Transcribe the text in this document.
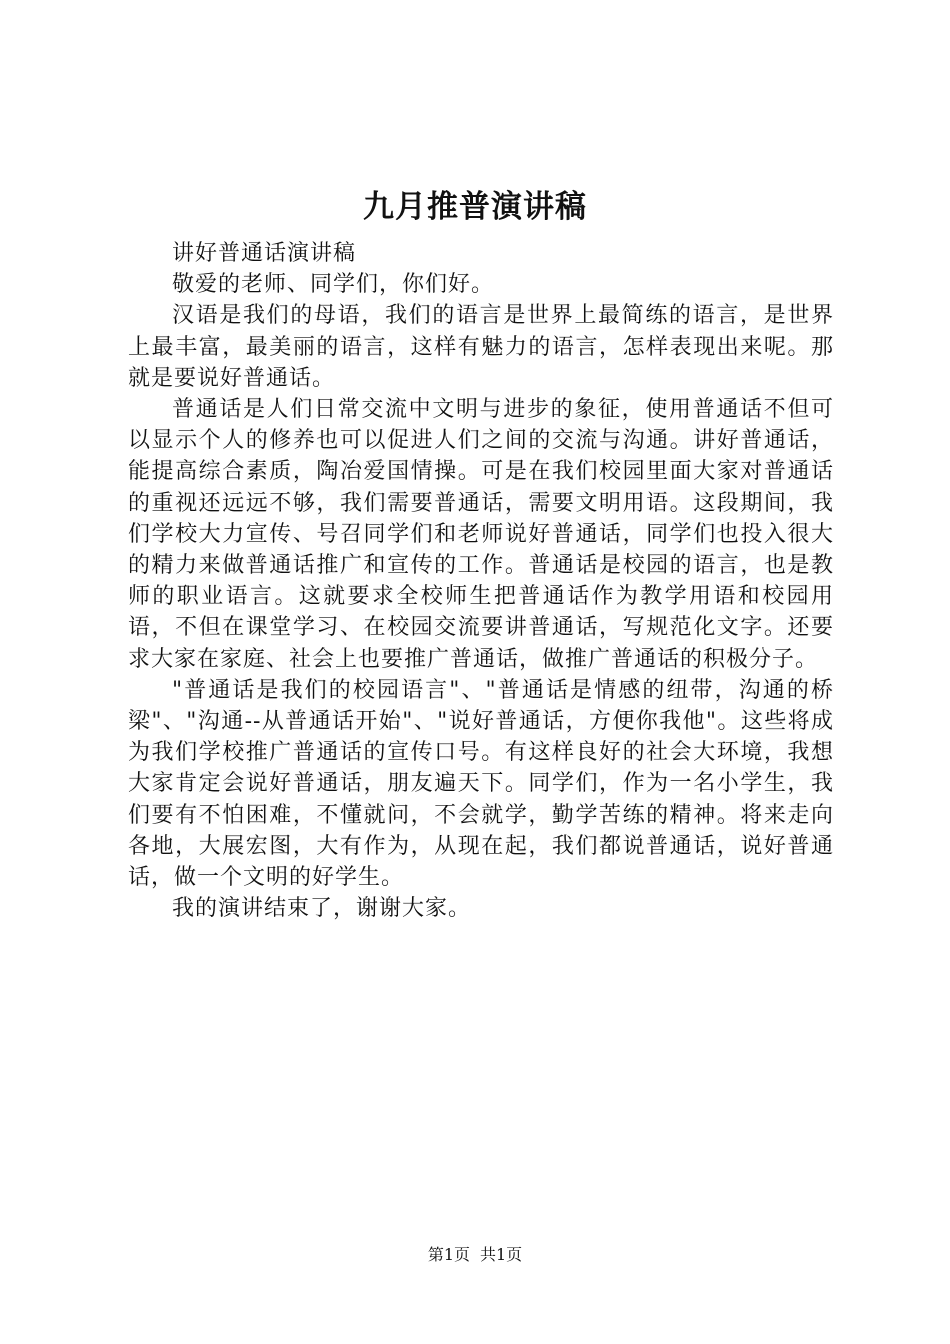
九月推普演讲稿

讲好普通话演讲稿

敬爱的老师、同学们，你们好。

汉语是我们的母语，我们的语言是世界上最简练的语言，是世界上最丰富，最美丽的语言，这样有魅力的语言，怎样表现出来呢。那就是要说好普通话。

普通话是人们日常交流中文明与进步的象征，使用普通话不但可以显示个人的修养也可以促进人们之间的交流与沟通。讲好普通话，能提高综合素质，陶冶爱国情操。可是在我们校园里面大家对普通话的重视还远远不够，我们需要普通话，需要文明用语。这段期间，我们学校大力宣传、号召同学们和老师说好普通话，同学们也投入很大的精力来做普通话推广和宣传的工作。普通话是校园的语言，也是教师的职业语言。这就要求全校师生把普通话作为教学用语和校园用语，不但在课堂学习、在校园交流要讲普通话，写规范化文字。还要求大家在家庭、社会上也要推广普通话，做推广普通话的积极分子。

"普通话是我们的校园语言"、"普通话是情感的纽带，沟通的桥梁"、"沟通--从普通话开始"、"说好普通话，方便你我他"。这些将成为我们学校推广普通话的宣传口号。有这样良好的社会大环境，我想大家肯定会说好普通话，朋友遍天下。同学们，作为一名小学生，我们要有不怕困难，不懂就问，不会就学，勤学苦练的精神。将来走向各地，大展宏图，大有作为，从现在起，我们都说普通话，说好普通话，做一个文明的好学生。

我的演讲结束了，谢谢大家。

第1页 共1页
